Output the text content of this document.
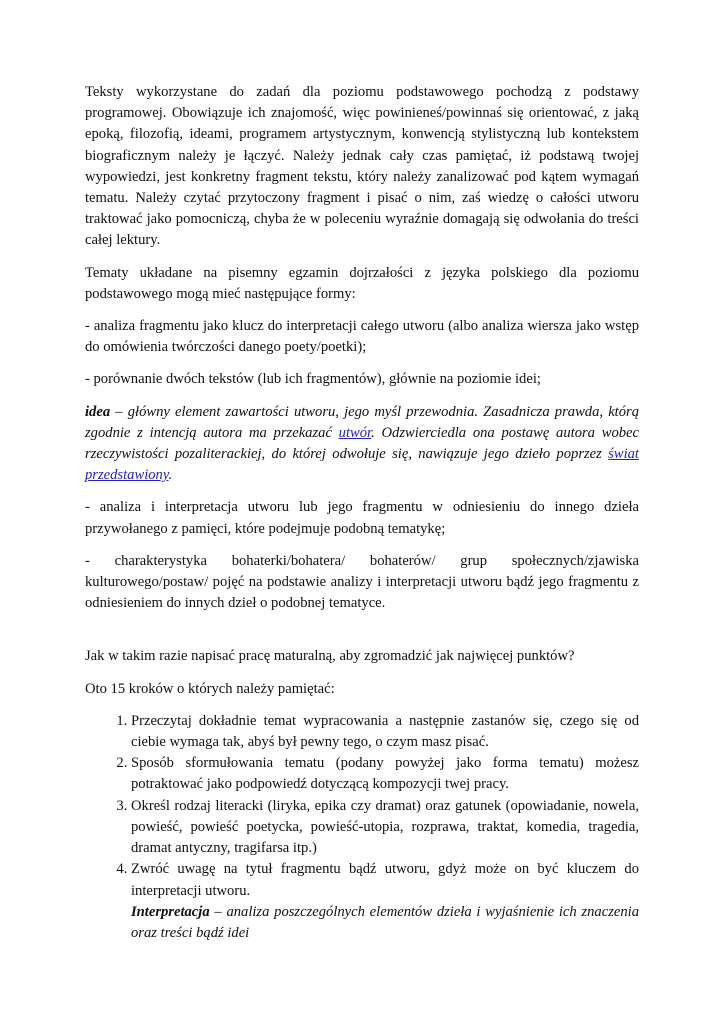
Teksty wykorzystane do zadań dla poziomu podstawowego pochodzą z podstawy programowej. Obowiązuje ich znajomość, więc powinieneś/powinnaś się orientować, z jaką epoką, filozofią, ideami, programem artystycznym, konwencją stylistyczną lub kontekstem biograficznym należy je łączyć. Należy jednak cały czas pamiętać, iż podstawą twojej wypowiedzi, jest konkretny fragment tekstu, który należy zanalizować pod kątem wymagań tematu. Należy czytać przytoczony fragment i pisać o nim, zaś wiedzę o całości utworu traktować jako pomocniczą, chyba że w poleceniu wyraźnie domagają się odwołania do treści całej lektury.

Tematy układane na pisemny egzamin dojrzałości z języka polskiego dla poziomu podstawowego mogą mieć następujące formy:

- analiza fragmentu jako klucz do interpretacji całego utworu (albo analiza wiersza jako wstęp do omówienia twórczości danego poety/poetki);

- porównanie dwóch tekstów (lub ich fragmentów), głównie na poziomie idei;

idea – główny element zawartości utworu, jego myśl przewodnia. Zasadnicza prawda, którą zgodnie z intencją autora ma przekazać utwór. Odzwierciedla ona postawę autora wobec rzeczywistości pozaliterackiej, do której odwołuje się, nawiązuje jego dzieło poprzez świat przedstawiony.

- analiza i interpretacja utworu lub jego fragmentu w odniesieniu do innego dzieła przywołanego z pamięci, które podejmuje podobną tematykę;

- charakterystyka bohaterki/bohatera/ bohaterów/ grup społecznych/zjawiska
kulturowego/postaw/ pojęć na podstawie analizy i interpretacji utworu bądź jego fragmentu z odniesieniem do innych dzieł o podobnej tematyce.

Jak w takim razie napisać pracę maturalną, aby zgromadzić jak najwięcej punktów?

Oto 15 kroków o których należy pamiętać:

1. Przeczytaj dokładnie temat wypracowania a następnie zastanów się, czego się od ciebie wymaga tak, abyś był pewny tego, o czym masz pisać.
2. Sposób sformułowania tematu (podany powyżej jako forma tematu) możesz potraktować jako podpowiedź dotyczącą kompozycji twej pracy.
3. Określ rodzaj literacki (liryka, epika czy dramat) oraz gatunek (opowiadanie, nowela, powieść, powieść poetycka, powieść-utopia, rozprawa, traktat, komedia, tragedia, dramat antyczny, tragifarsa itp.)
4. Zwróć uwagę na tytuł fragmentu bądź utworu, gdyż może on być kluczem do interpretacji utworu.
Interpretacja – analiza poszczególnych elementów dzieła i wyjaśnienie ich znaczenia oraz treści bądź idei
